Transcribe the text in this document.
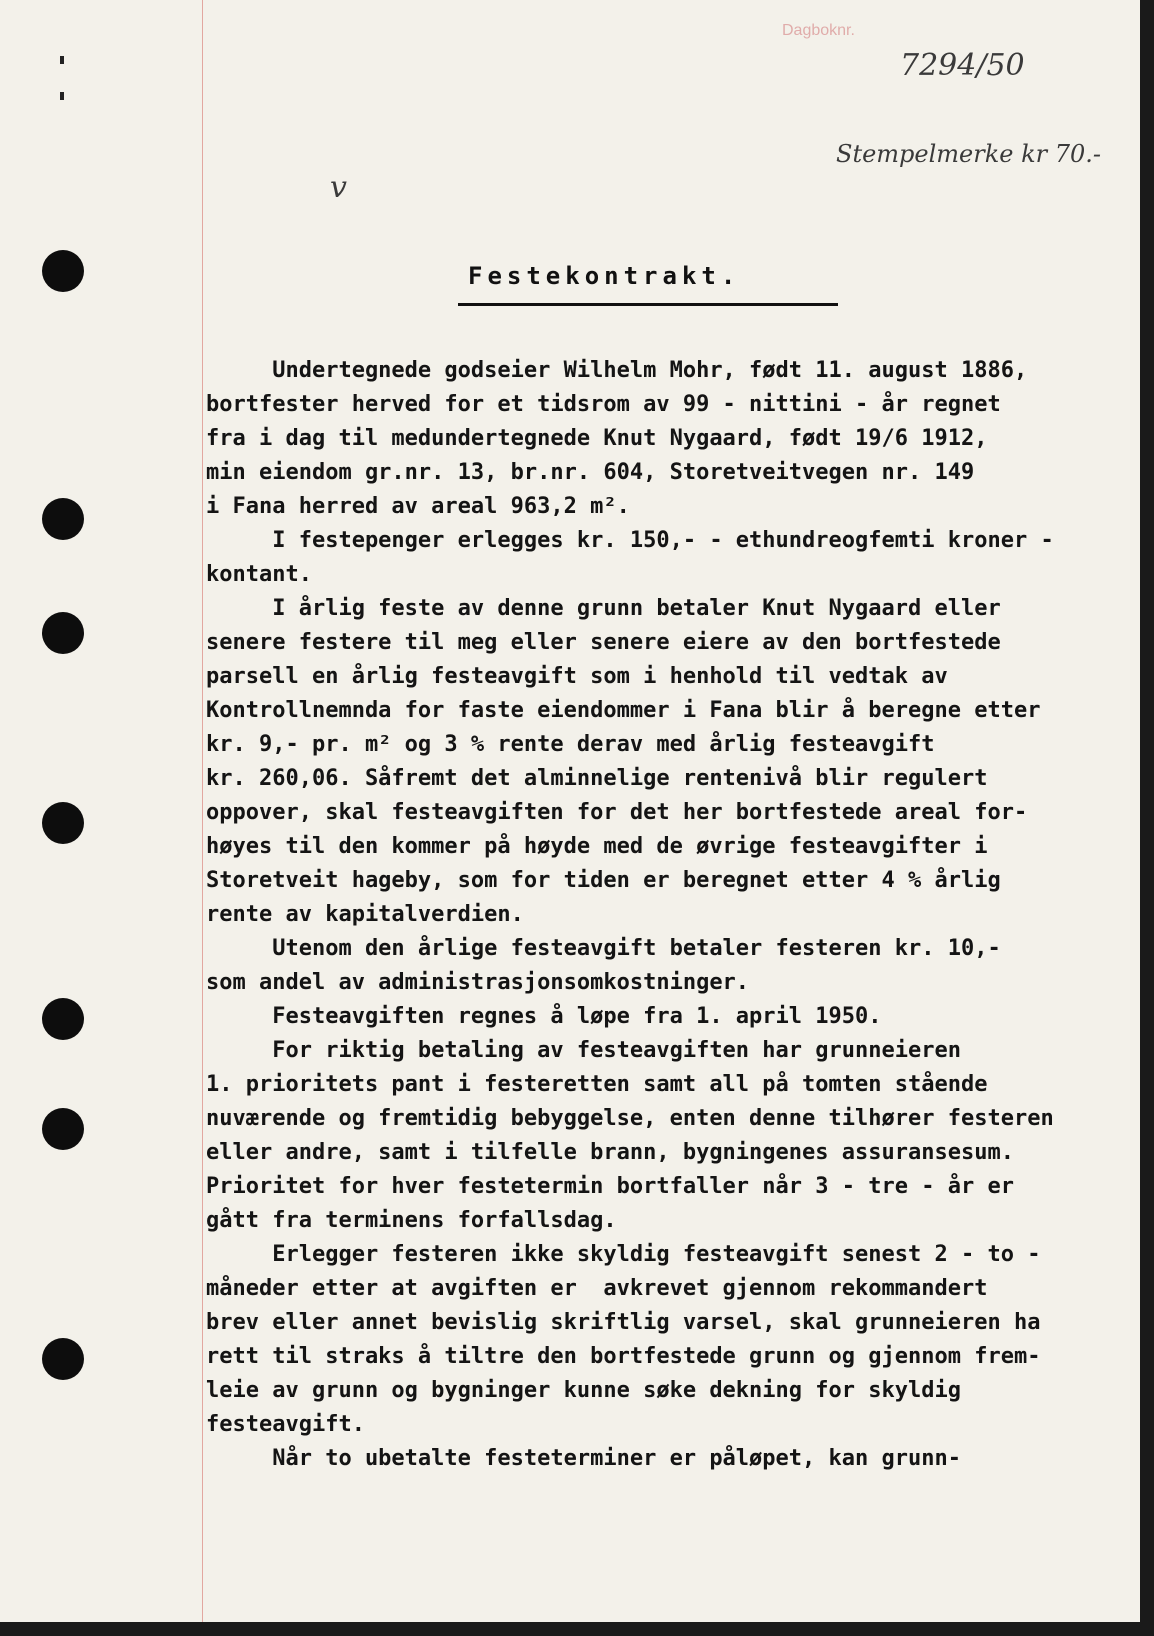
Dagboknr.
7294/50
Stempelmerke kr 70.-
v
Festekontrakt.
Undertegnede godseier Wilhelm Mohr, født 11. august 1886,
bortfester herved for et tidsrom av 99 - nittini - år regnet
fra i dag til medundertegnede Knut Nygaard, født 19/6 1912,
min eiendom gr.nr. 13, br.nr. 604, Storetveitvegen nr. 149
i Fana herred av areal 963,2 m².
I festepenger erlegges kr. 150,- - ethundreogfemti kroner -
kontant.
I årlig feste av denne grunn betaler Knut Nygaard eller
senere festere til meg eller senere eiere av den bortfestede
parsell en årlig festeavgift som i henhold til vedtak av
Kontrollnemnda for faste eiendommer i Fana blir å beregne etter
kr. 9,- pr. m² og 3 % rente derav med årlig festeavgift
kr. 260,06. Såfremt det alminnelige rentenivå blir regulert
oppover, skal festeavgiften for det her bortfestede areal for-
høyes til den kommer på høyde med de øvrige festeavgifter i
Storetveit hageby, som for tiden er beregnet etter 4 % årlig
rente av kapitalverdien.
Utenom den årlige festeavgift betaler festeren kr. 10,-
som andel av administrasjonsomkostninger.
Festeavgiften regnes å løpe fra 1. april 1950.
For riktig betaling av festeavgiften har grunneieren
1. prioritets pant i festeretten samt all på tomten stående
nuværende og fremtidig bebyggelse, enten denne tilhører festeren
eller andre, samt i tilfelle brann, bygningenes assuransesum.
Prioritet for hver festetermin bortfaller når 3 - tre - år er
gått fra terminens forfallsdag.
Erlegger festeren ikke skyldig festeavgift senest 2 - to -
måneder etter at avgiften er  avkrevet gjennom rekommandert
brev eller annet bevislig skriftlig varsel, skal grunneieren ha
rett til straks å tiltre den bortfestede grunn og gjennom frem-
leie av grunn og bygninger kunne søke dekning for skyldig
festeavgift.
Når to ubetalte festeterminer er påløpet, kan grunn-
